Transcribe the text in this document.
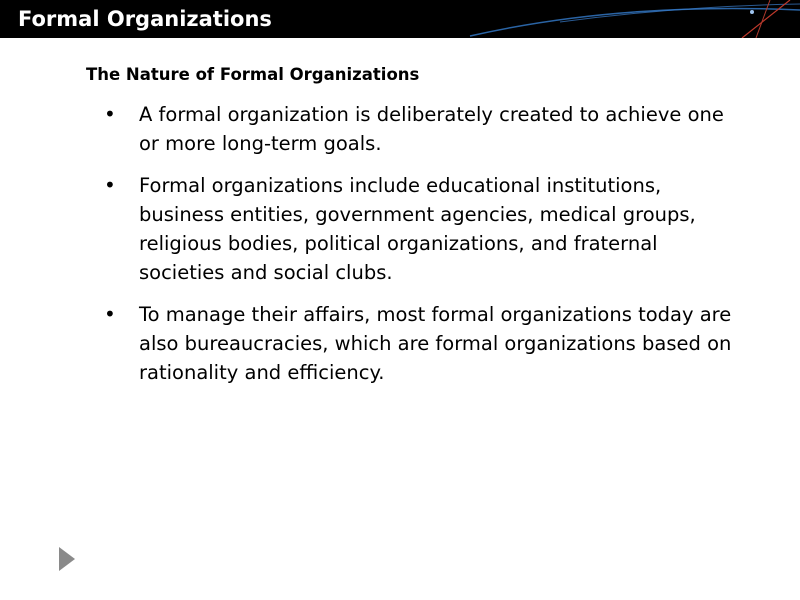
Formal Organizations
The Nature of Formal Organizations
• A formal organization is deliberately created to achieve one or more long-term goals.
• Formal organizations include educational institutions, business entities, government agencies, medical groups, religious bodies, political organizations, and fraternal societies and social clubs.
• To manage their affairs, most formal organizations today are also bureaucracies, which are formal organizations based on rationality and efficiency.
